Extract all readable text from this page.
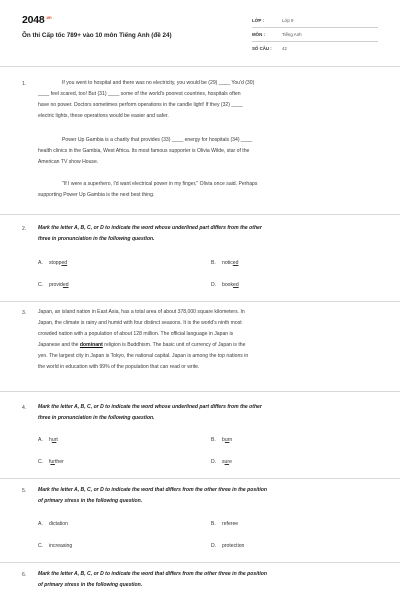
$2048^{.vn}$
Ôn thi Cấp tốc 789+ vào 10 môn Tiếng Anh (đề 24)
LỚP :	Lớp 9
MÔN :	Tiếng Anh
SỐ CÂU : 42
1.	If you went to hospital and there was no electricity, you would be (29) ____ You'd (30)
____ feel scared, too! But (31) ____ some of the world's poorest countries, hospitals often
have no power. Doctors sometimes perform operations in the candle light! If they (32) ____
electric lights, these operations would be easier and safer.
Power Up Gambia is a charity that provides (33) ____ energy for hospitals (34) ____
health clinics in the Gambia, West Africa. Its most famous supporter is Olivia Wilde, star of the
American TV show House.
"If I were a superhero, I'd want electrical power in my finger," Olivia once said. Perhaps
supporting Power Up Gambia is the next best thing.
2. Mark the letter A, B, C, or D to indicate the word whose underlined part differs from the other
three in pronunciation in the following question.
A. stopped	B. noticed
C. provided	D. booked
3. Japan, an island nation in East Asia, has a total area of about 378,000 square kilometers. In
Japan, the climate is rainy and humid with four distinct seasons. It is the world's ninth most
crowded nation with a population of about 128 million. The official language in Japan is
Japanese and the dominant religion is Buddhism. The basic unit of currency of Japan is the
yen. The largest city in Japan is Tokyo, the national capital. Japan is among the top nations in
the world in education with 99% of the population that can read or write.
4. Mark the letter A, B, C, or D to indicate the word whose underlined part differs from the other
three in pronunciation in the following question.
A. hurt	B. burn
C. further	D. sure
5. Mark the letter A, B, C, or D to indicate the word that differs from the other three in the position
of primary stress in the following question.
A. dictation	B. referee
C. increasing	D. protection
6. Mark the letter A, B, C, or D to indicate the word that differs from the other three in the position
of primary stress in the following question.
